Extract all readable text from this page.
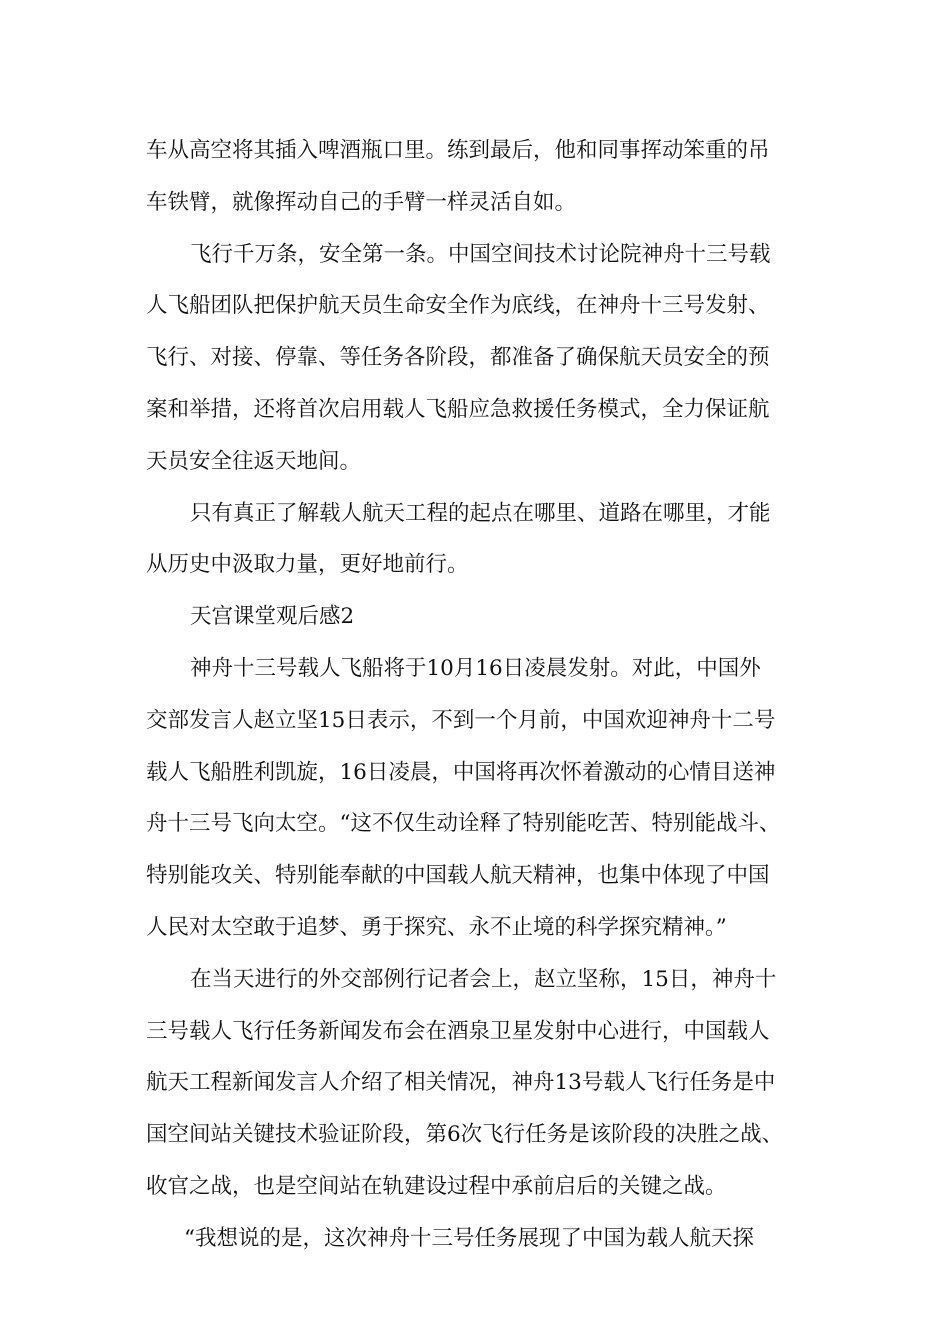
车从高空将其插入啤酒瓶口里。练到最后，他和同事挥动笨重的吊
车铁臂，就像挥动自己的手臂一样灵活自如。
飞行千万条，安全第一条。中国空间技术讨论院神舟十三号载
人飞船团队把保护航天员生命安全作为底线，在神舟十三号发射、
飞行、对接、停靠、等任务各阶段，都准备了确保航天员安全的预
案和举措，还将首次启用载人飞船应急救援任务模式，全力保证航
天员安全往返天地间。
只有真正了解载人航天工程的起点在哪里、道路在哪里，才能
从历史中汲取力量，更好地前行。
天宫课堂观后感2
神舟十三号载人飞船将于10月16日凌晨发射。对此，中国外
交部发言人赵立坚15日表示，不到一个月前，中国欢迎神舟十二号
载人飞船胜利凯旋，16日凌晨，中国将再次怀着激动的心情目送神
舟十三号飞向太空。“这不仅生动诠释了特别能吃苦、特别能战斗、
特别能攻关、特别能奉献的中国载人航天精神，也集中体现了中国
人民对太空敢于追梦、勇于探究、永不止境的科学探究精神。”
在当天进行的外交部例行记者会上，赵立坚称，15日，神舟十
三号载人飞行任务新闻发布会在酒泉卫星发射中心进行，中国载人
航天工程新闻发言人介绍了相关情况，神舟13号载人飞行任务是中
国空间站关键技术验证阶段，第6次飞行任务是该阶段的决胜之战、
收官之战，也是空间站在轨建设过程中承前启后的关键之战。
“我想说的是，这次神舟十三号任务展现了中国为载人航天探
